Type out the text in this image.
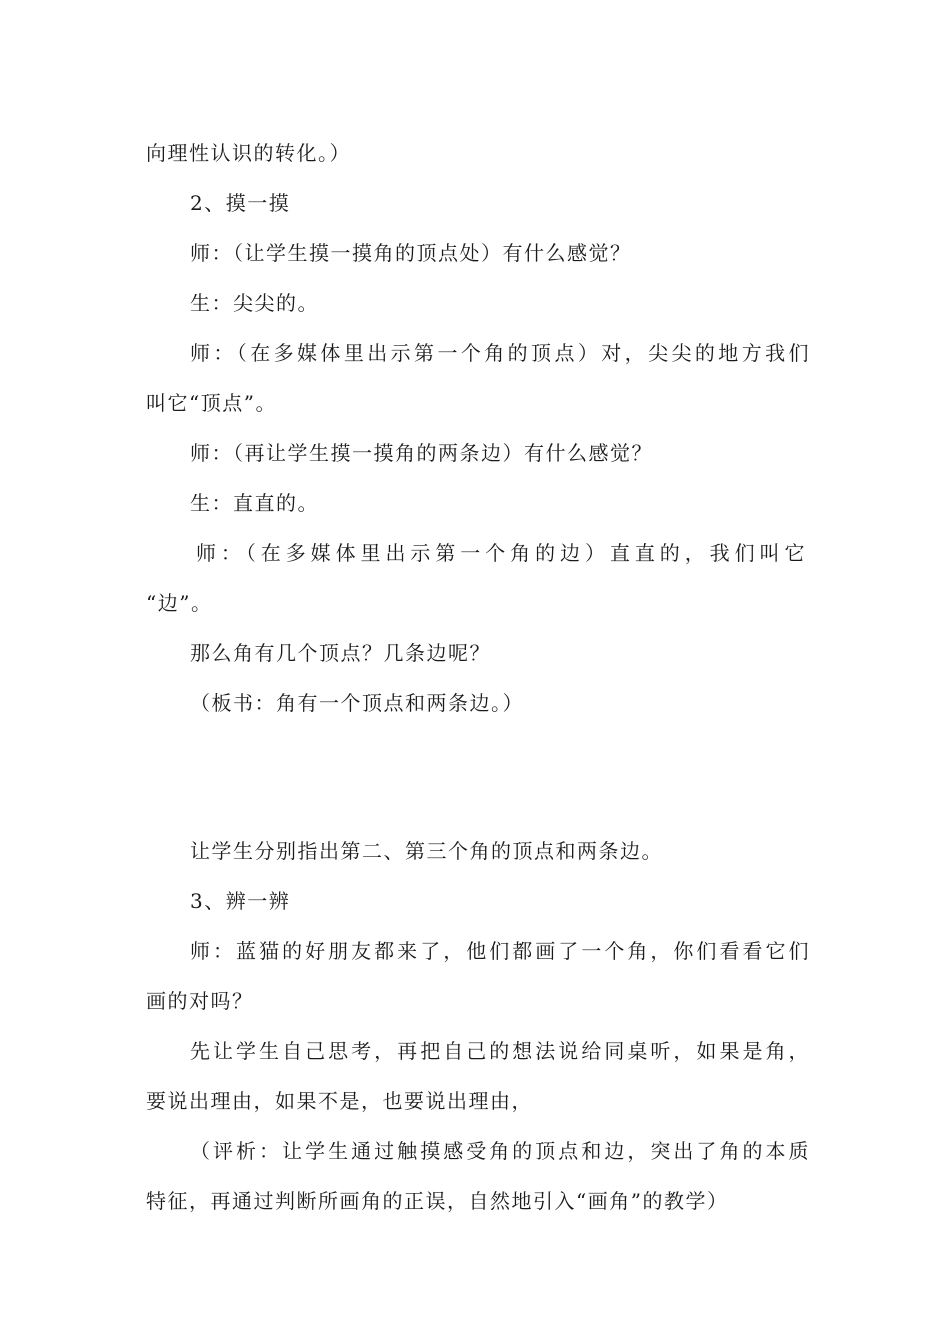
向理性认识的转化。）
2、摸一摸
师：（让学生摸一摸角的顶点处）有什么感觉？
生：尖尖的。
师：（在多媒体里出示第一个角的顶点）对，尖尖的地方我们
叫它“顶点”。
师：（再让学生摸一摸角的两条边）有什么感觉？
生：直直的。
师：（在多媒体里出示第一个角的边）直直的，我们叫它
“边”。
那么角有几个顶点？几条边呢？
（板书：角有一个顶点和两条边。）
让学生分别指出第二、第三个角的顶点和两条边。
3、辨一辨
师：蓝猫的好朋友都来了，他们都画了一个角，你们看看它们
画的对吗？
先让学生自己思考，再把自己的想法说给同桌听，如果是角，
要说出理由，如果不是，也要说出理由，
（评析：让学生通过触摸感受角的顶点和边，突出了角的本质
特征，再通过判断所画角的正误，自然地引入“画角”的教学）
